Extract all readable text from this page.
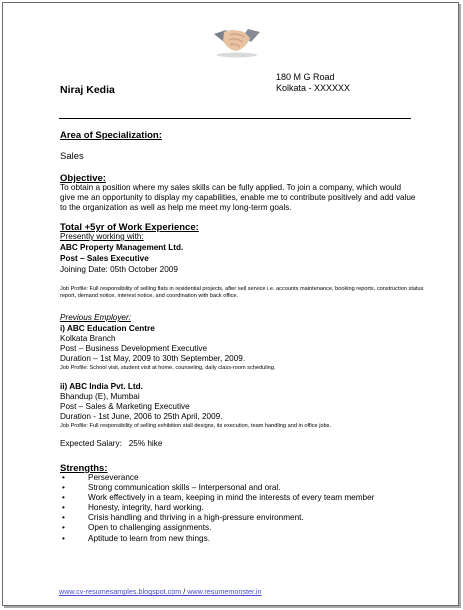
Niraj Kedia
180 M G Road
Kolkata - XXXXXX
Area of Specialization:
Sales
Objective:
To obtain a position where my sales skills can be fully applied. To join a company, which would give me an opportunity to display my capabilities, enable me to contribute positively and add value to the organization as well as help me meet my long-term goals.
Total +5yr of Work Experience:
Presently working with:
ABC Property Management Ltd.
Post – Sales Executive
Joining Date: 05th October 2009
Job Profile: Full responsibility of selling flats in residential projects, after sell service i.e. accounts maintenance, booking reports, construction status report, demand notice, interest notice, and coordination with back office.
Previous Employer:
i) ABC Education Centre
Kolkata Branch
Post – Business Development Executive
Duration – 1st May, 2009 to 30th September, 2009.
Job Profile: School visit, student visit at home, counseling, daily class-room scheduling.
ii) ABC India Pvt. Ltd.
Bhandup (E), Mumbai
Post – Sales & Marketing Executive
Duration - 1st June, 2006 to 25th April, 2009.
Job Profile: Full responsibility of selling exhibition stall designs, its execution, team handling and in office jobs.
Expected Salary:   25% hike
Strengths:
•	Perseverance
•	Strong communication skills – Interpersonal and oral.
•	Work effectively in a team, keeping in mind the interests of every team member
•	Honesty, integrity, hard working.
•	Crisis handling and thriving in a high-pressure environment.
•	Open to challenging assignments.
•	Aptitude to learn from new things.
www.cv-resumesamples.blogspot.com / www.resumemonster.in
